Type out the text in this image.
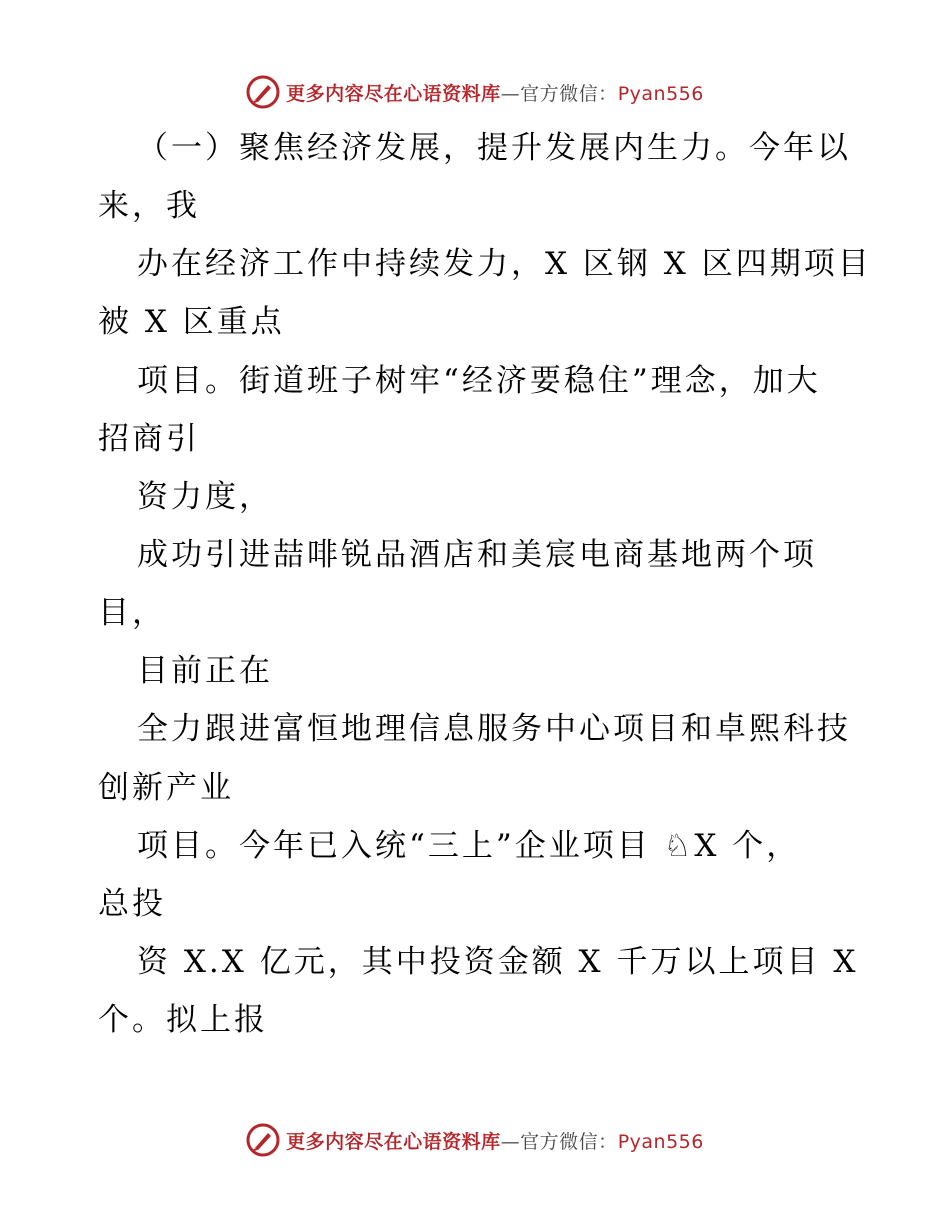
更多内容尽在心语资料库—官方微信：Pyan556
（一）聚焦经济发展，提升发展内生力。今年以
来，我
办在经济工作中持续发力，X 区钢 X 区四期项目
被 X 区重点
项目。街道班子树牢“经济要稳住”理念，加大
招商引
资力度，
成功引进喆啡锐品酒店和美宸电商基地两个项
目，
目前正在
全力跟进富恒地理信息服务中心项目和卓熙科技
创新产业
项目。今年已入统“三上”企业项目 ♘X 个，
总投
资 X.X 亿元，其中投资金额 X 千万以上项目 X
个。拟上报
更多内容尽在心语资料库—官方微信：Pyan556
